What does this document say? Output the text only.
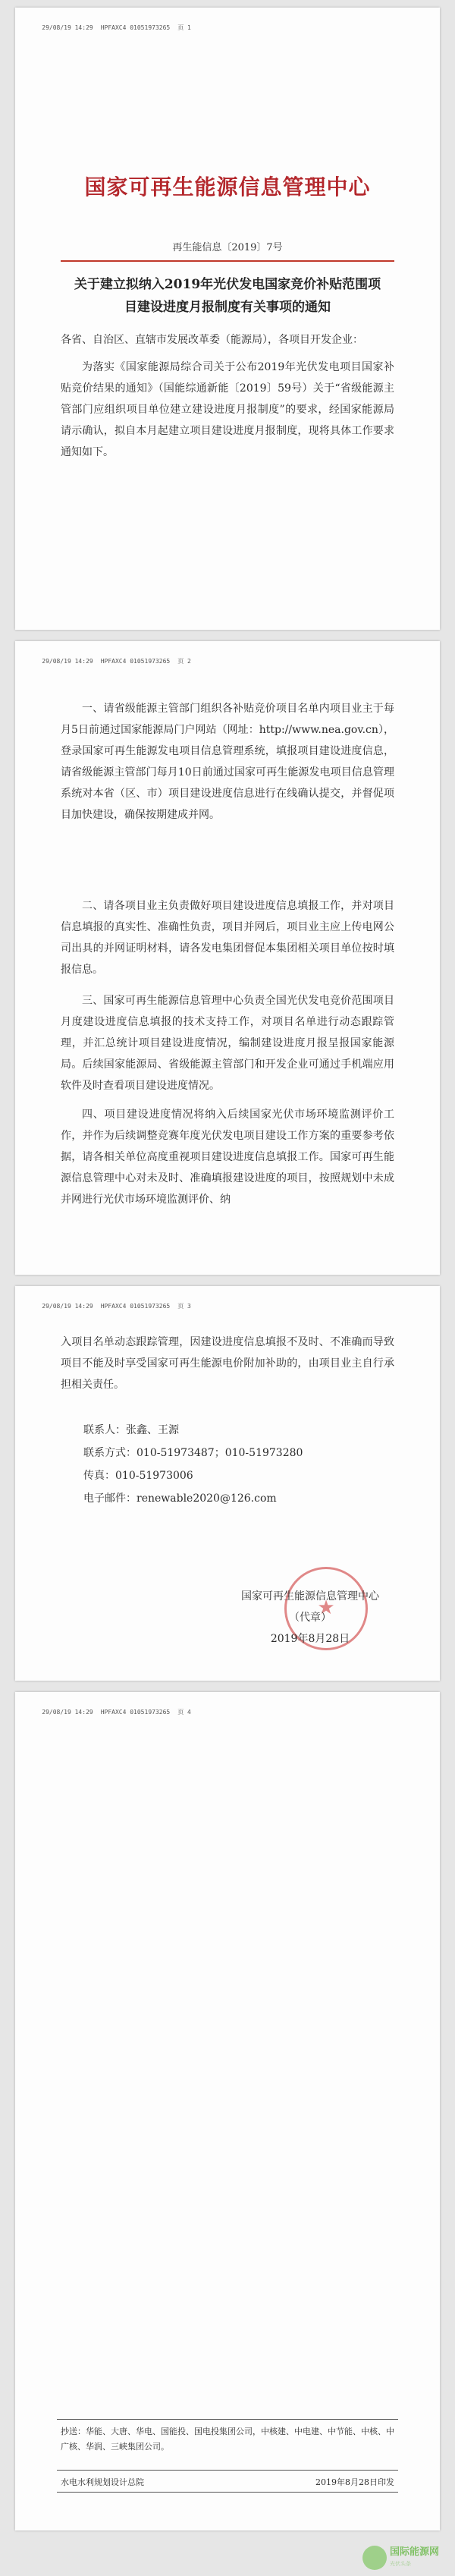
29/08/19 14:29 HPFAXC4 01051973265 页 1

国家可再生能源信息管理中心
再生能信息〔2019〕7号
关于建立拟纳入2019年光伏发电国家竞价补贴范围项目建设进度月报制度有关事项的通知
各省、自治区、直辖市发展改革委（能源局），各项目开发企业：
为落实《国家能源局综合司关于公布2019年光伏发电项目国家补贴竞价结果的通知》（国能综通新能〔2019〕59号）关于“省级能源主管部门应组织项目单位建立建设进度月报制度”的要求，经国家能源局请示确认，拟自本月起建立项目建设进度月报制度，现将具体工作要求通知如下。

29/08/19 14:29 HPFAXC4 01051973265 页 2

一、请省级能源主管部门组织各补贴竞价项目名单内项目业主于每月5日前通过国家能源局门户网站（网址：http://www.nea.gov.cn），登录国家可再生能源发电项目信息管理系统，填报项目建设进度信息，请省级能源主管部门每月10日前通过国家可再生能源发电项目信息管理系统对本省（区、市）项目建设进度信息进行在线确认提交，并督促项目加快建设，确保按期建成并网。
二、请各项目业主负责做好项目建设进度信息填报工作，并对项目信息填报的真实性、准确性负责，项目并网后，项目业主应上传电网公司出具的并网证明材料，请各发电集团督促本集团相关项目单位按时填报信息。
三、国家可再生能源信息管理中心负责全国光伏发电竞价范围项目月度建设进度信息填报的技术支持工作，对项目名单进行动态跟踪管理，并汇总统计项目建设进度情况，编制建设进度月报呈报国家能源局。后续国家能源局、省级能源主管部门和开发企业可通过手机端应用软件及时查看项目建设进度情况。
四、项目建设进度情况将纳入后续国家光伏市场环境监测评价工作，并作为后续调整竞赛年度光伏发电项目建设工作方案的重要参考依据，请各相关单位高度重视项目建设进度信息填报工作。国家可再生能源信息管理中心对未及时、准确填报建设进度的项目，按照规划中未成并网进行光伏市场环境监测评价、纳

29/08/19 14:29 HPFAXC4 01051973265 页 3

入项目名单动态跟踪管理，因建设进度信息填报不及时、不准确而导致项目不能及时享受国家可再生能源电价附加补助的，由项目业主自行承担相关责任。
联系人：张鑫、王源
联系方式：010-51973487；010-51973280
传真：010-51973006
电子邮件：renewable2020@126.com
★
国家可再生能源信息管理中心
（代章）
2019年8月28日

29/08/19 14:29 HPFAXC4 01051973265 页 4

抄送：华能、大唐、华电、国能投、国电投集团公司，中核建、中电建、中节能、中核、中广核、华润、三峡集团公司。
水电水利规划设计总院	2019年8月28日印发
国际能源网
光伏头条
